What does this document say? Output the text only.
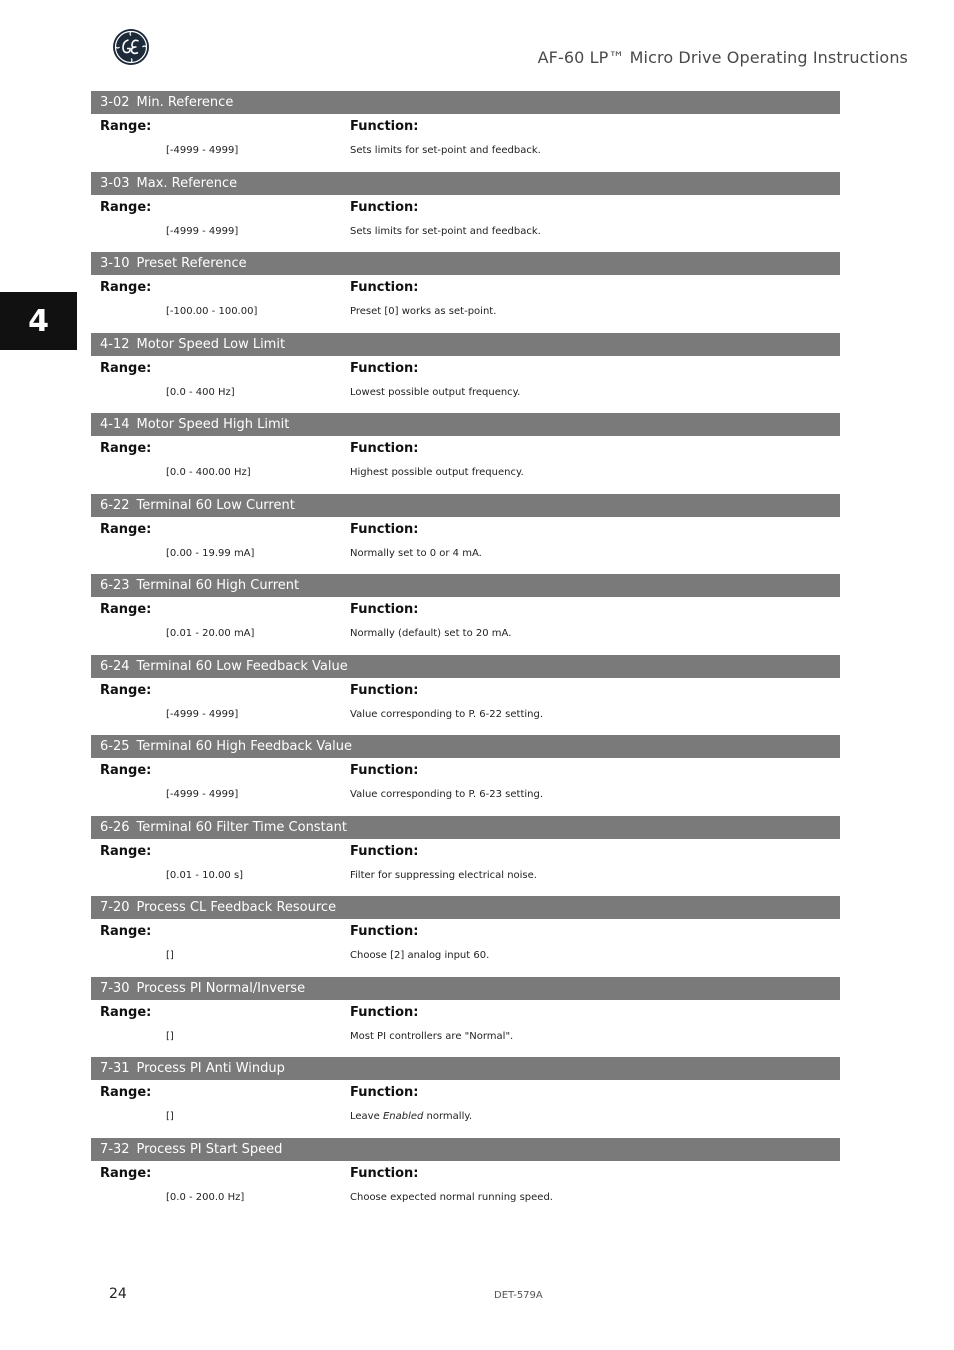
AF-60 LP™ Micro Drive Operating Instructions
4
3-02 Min. Reference
Range:	Function:
[-4999 - 4999]	Sets limits for set-point and feedback.
3-03 Max. Reference
Range:	Function:
[-4999 - 4999]	Sets limits for set-point and feedback.
3-10 Preset Reference
Range:	Function:
[-100.00 - 100.00]	Preset [0] works as set-point.
4-12 Motor Speed Low Limit
Range:	Function:
[0.0 - 400 Hz]	Lowest possible output frequency.
4-14 Motor Speed High Limit
Range:	Function:
[0.0 - 400.00 Hz]	Highest possible output frequency.
6-22 Terminal 60 Low Current
Range:	Function:
[0.00 - 19.99 mA]	Normally set to 0 or 4 mA.
6-23 Terminal 60 High Current
Range:	Function:
[0.01 - 20.00 mA]	Normally (default) set to 20 mA.
6-24 Terminal 60 Low Feedback Value
Range:	Function:
[-4999 - 4999]	Value corresponding to P. 6-22 setting.
6-25 Terminal 60 High Feedback Value
Range:	Function:
[-4999 - 4999]	Value corresponding to P. 6-23 setting.
6-26 Terminal 60 Filter Time Constant
Range:	Function:
[0.01 - 10.00 s]	Filter for suppressing electrical noise.
7-20 Process CL Feedback Resource
Range:	Function:
[]	Choose [2] analog input 60.
7-30 Process PI Normal/Inverse
Range:	Function:
[]	Most PI controllers are "Normal".
7-31 Process PI Anti Windup
Range:	Function:
[]	Leave Enabled normally.
7-32 Process PI Start Speed
Range:	Function:
[0.0 - 200.0 Hz]	Choose expected normal running speed.
24	DET-579A
